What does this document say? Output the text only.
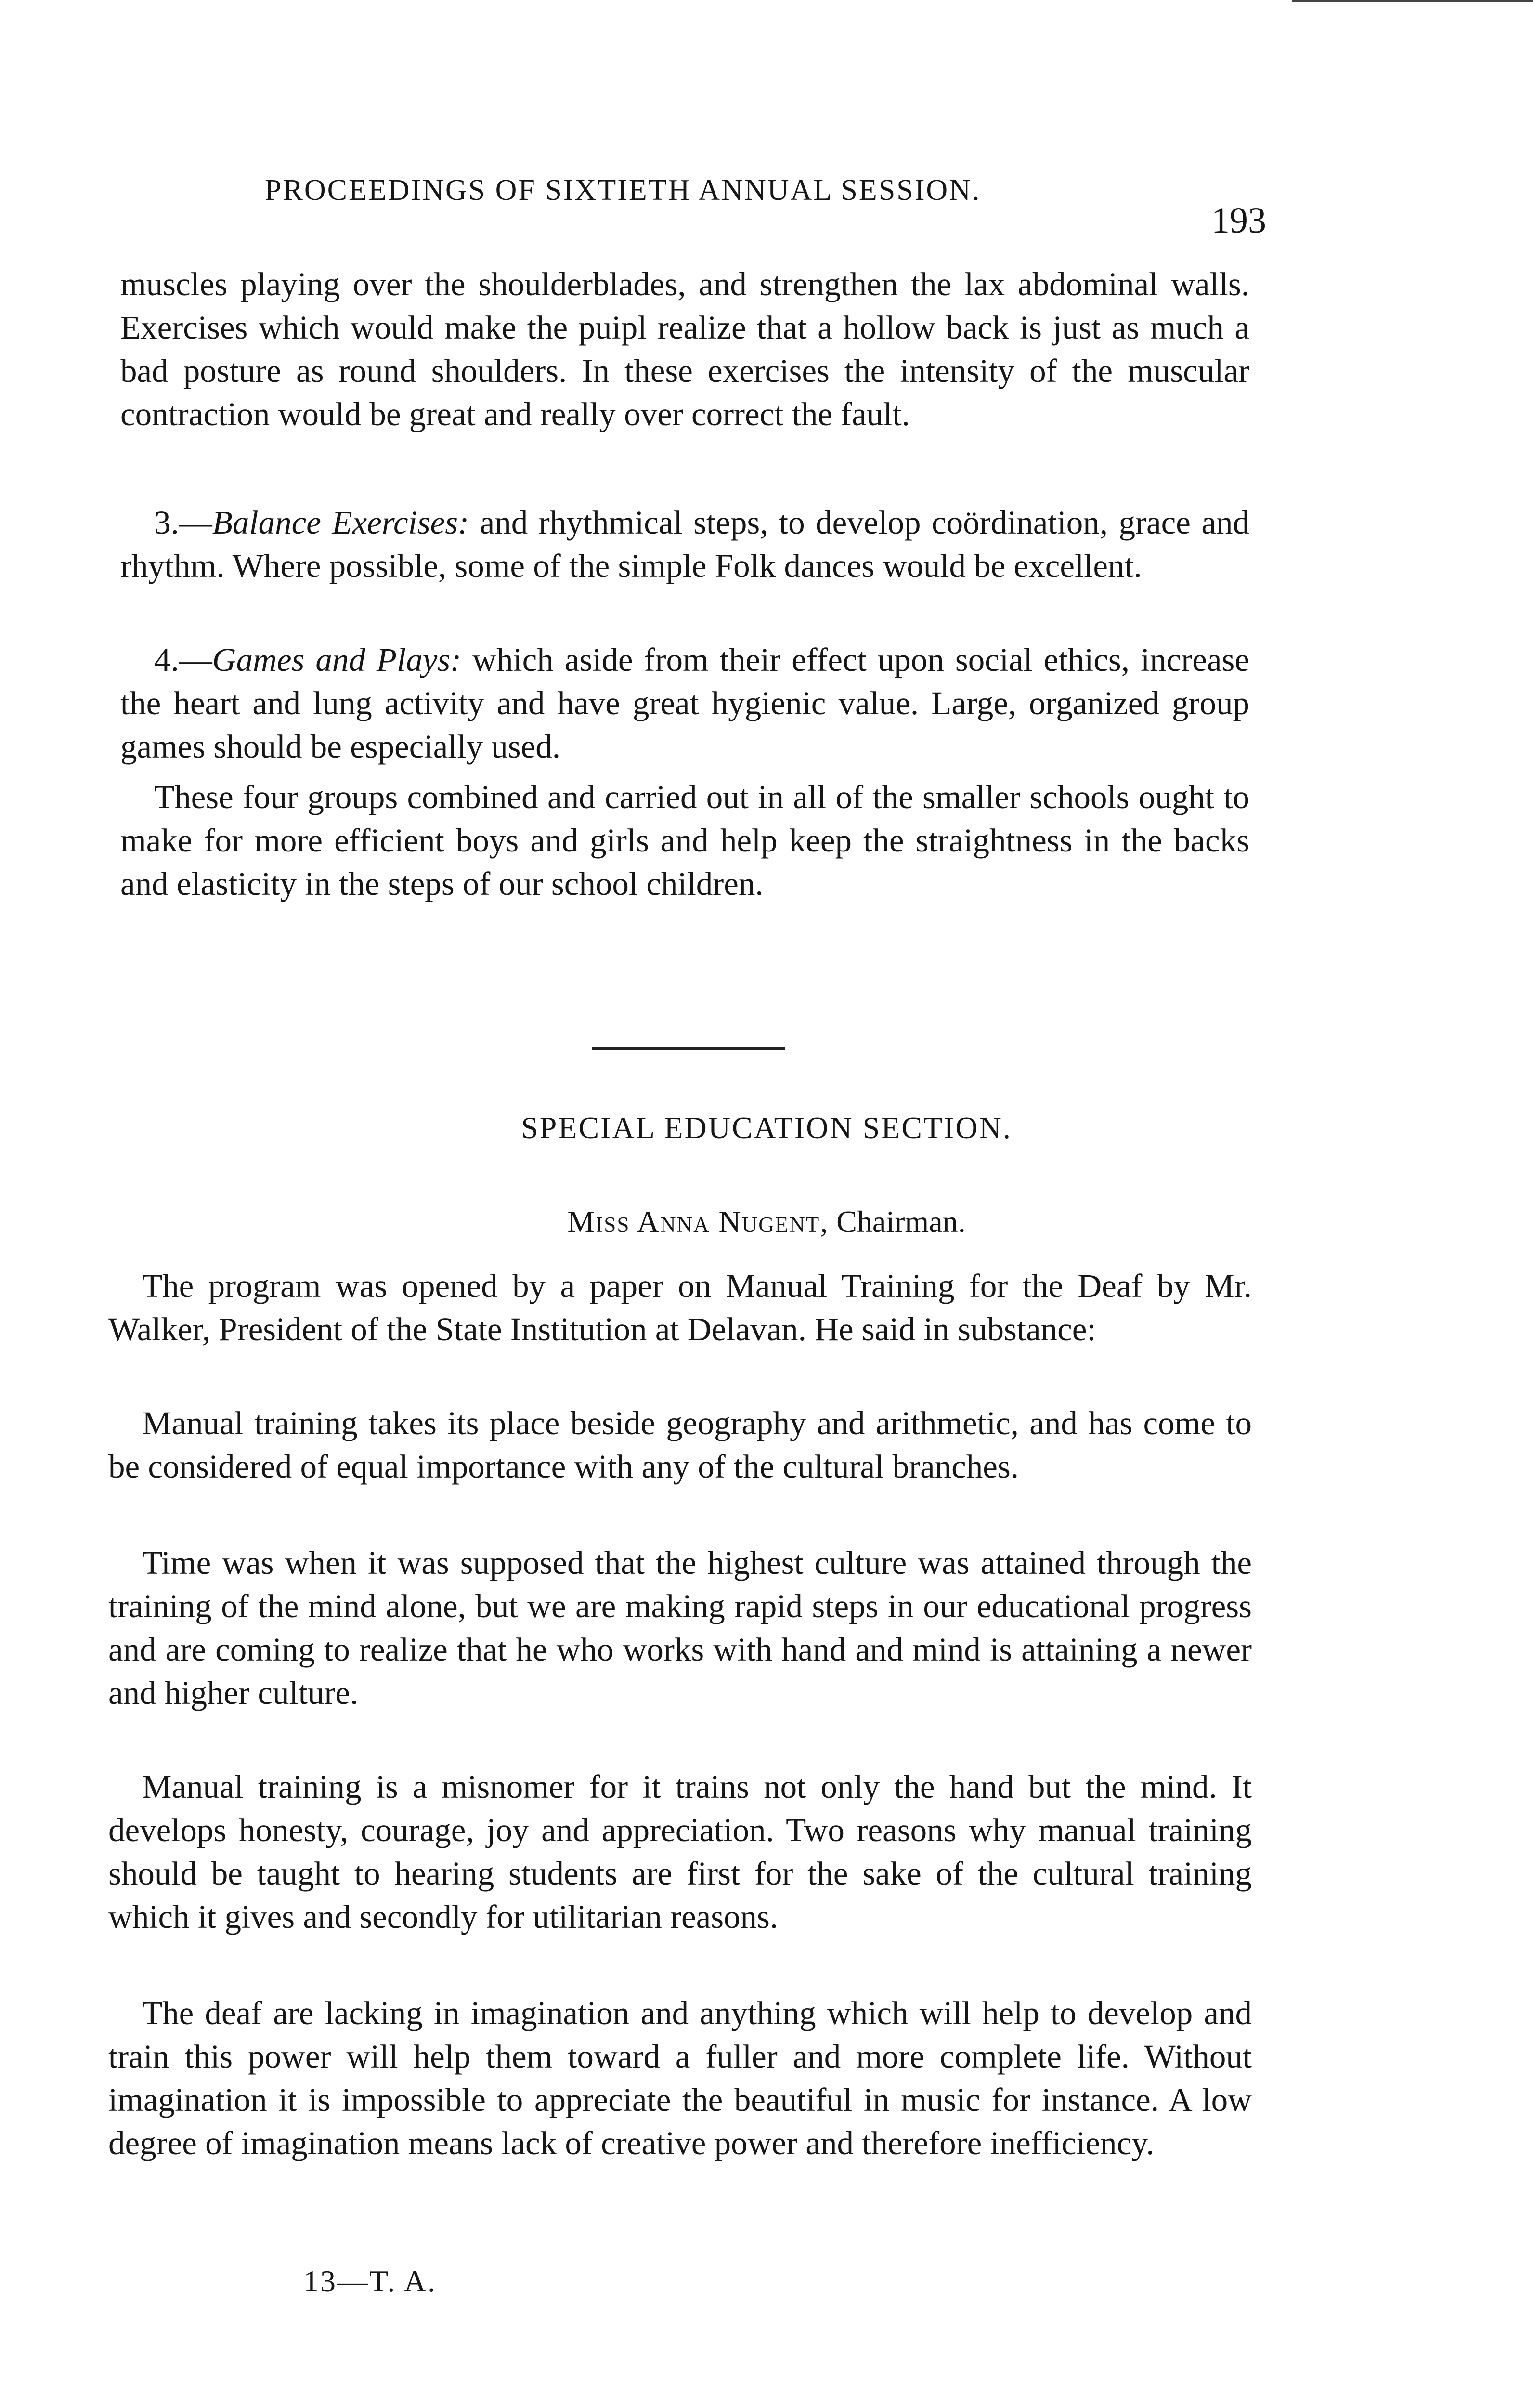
PROCEEDINGS OF SIXTIETH ANNUAL SESSION.
193
muscles playing over the shoulderblades, and strengthen the lax abdominal walls. Exercises which would make the puipl realize that a hollow back is just as much a bad posture as round shoulders. In these exercises the intensity of the muscular contraction would be great and really over correct the fault.
3.—Balance Exercises: and rhythmical steps, to develop coördination, grace and rhythm. Where possible, some of the simple Folk dances would be excellent.
4.—Games and Plays: which aside from their effect upon social ethics, increase the heart and lung activity and have great hygienic value. Large, organized group games should be especially used.
These four groups combined and carried out in all of the smaller schools ought to make for more efficient boys and girls and help keep the straightness in the backs and elasticity in the steps of our school children.
SPECIAL EDUCATION SECTION.
Miss Anna Nugent, Chairman.
The program was opened by a paper on Manual Training for the Deaf by Mr. Walker, President of the State Institution at Delavan. He said in substance:
Manual training takes its place beside geography and arithmetic, and has come to be considered of equal importance with any of the cultural branches.
Time was when it was supposed that the highest culture was attained through the training of the mind alone, but we are making rapid steps in our educational progress and are coming to realize that he who works with hand and mind is attaining a newer and higher culture.
Manual training is a misnomer for it trains not only the hand but the mind. It develops honesty, courage, joy and appreciation. Two reasons why manual training should be taught to hearing students are first for the sake of the cultural training which it gives and secondly for utilitarian reasons.
The deaf are lacking in imagination and anything which will help to develop and train this power will help them toward a fuller and more complete life. Without imagination it is impossible to appreciate the beautiful in music for instance. A low degree of imagination means lack of creative power and therefore inefficiency.
13—T. A.
